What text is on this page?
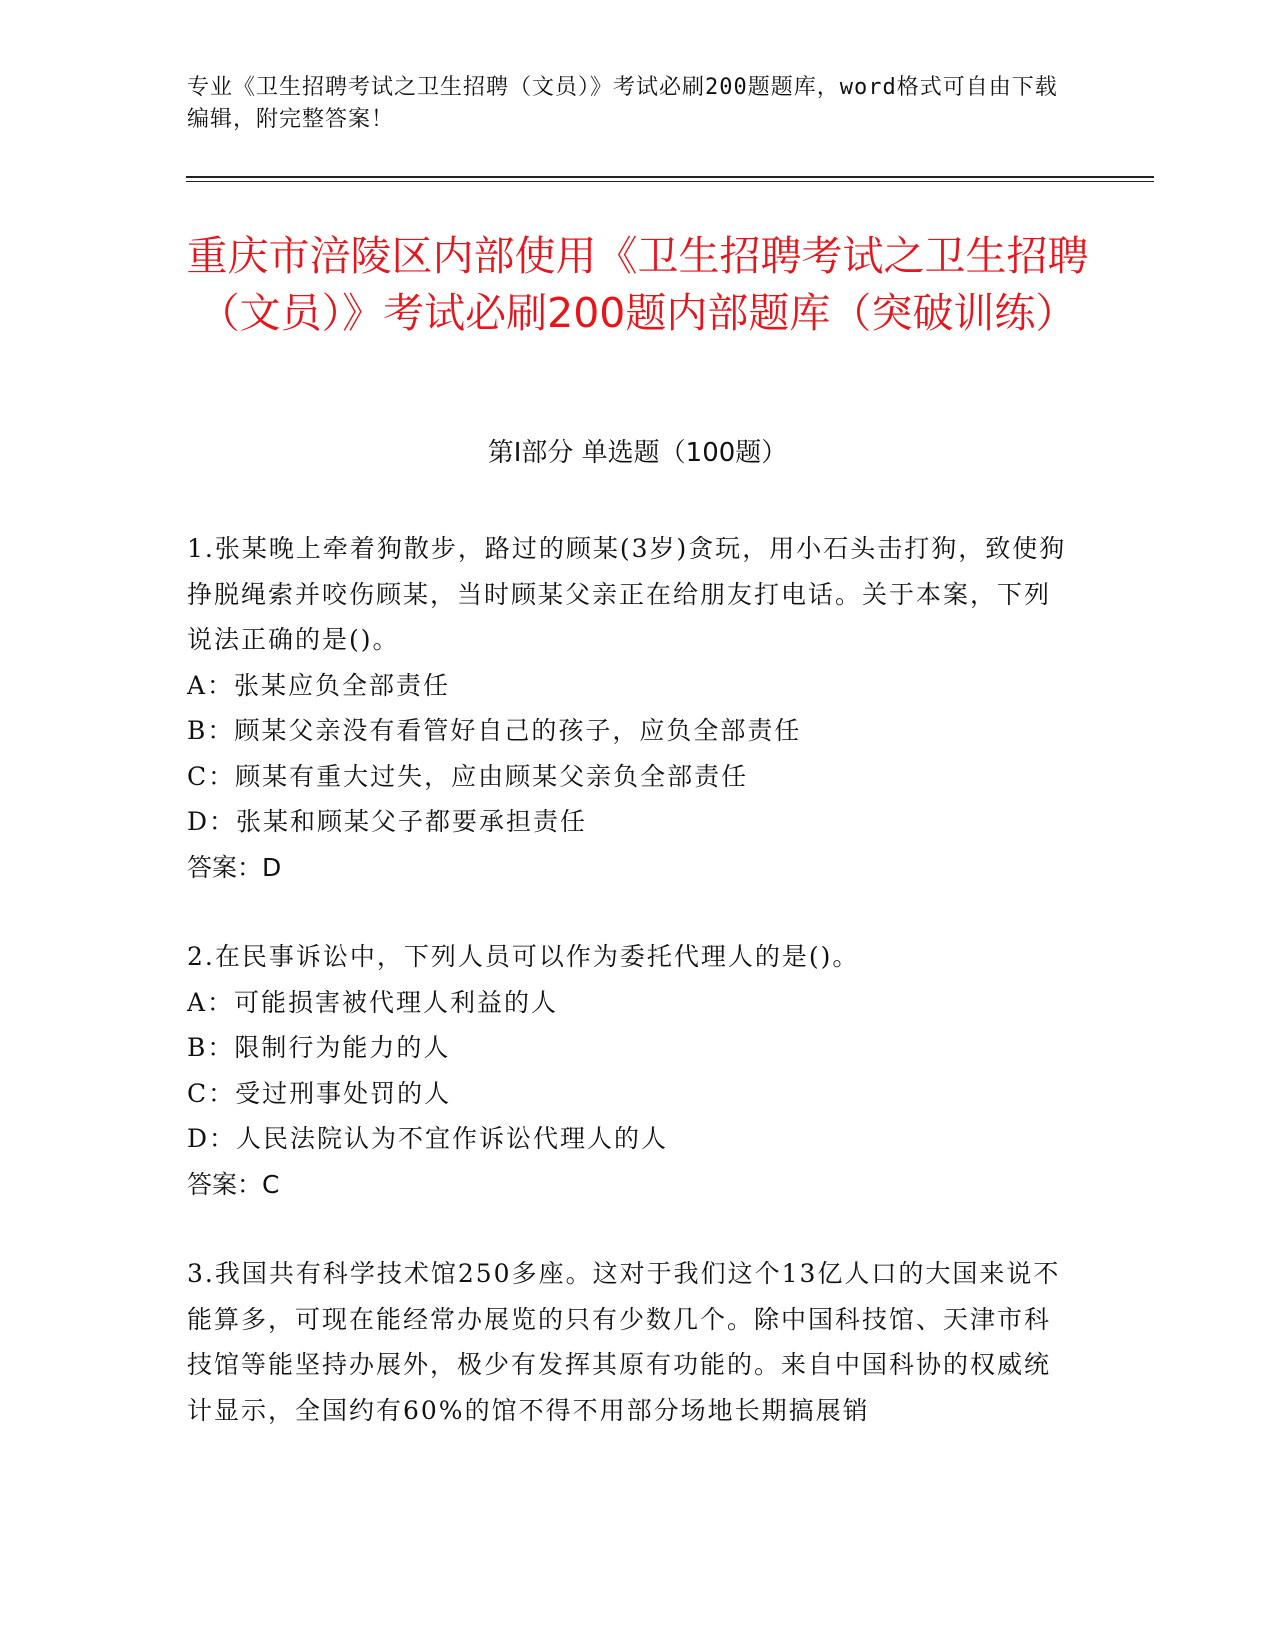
专业《卫生招聘考试之卫生招聘（文员）》考试必刷200题题库，word格式可自由下载编辑，附完整答案！
重庆市涪陵区内部使用《卫生招聘考试之卫生招聘（文员）》考试必刷200题内部题库（突破训练）
第I部分 单选题（100题）

1.张某晚上牵着狗散步，路过的顾某(3岁)贪玩，用小石头击打狗，致使狗挣脱绳索并咬伤顾某，当时顾某父亲正在给朋友打电话。关于本案，下列说法正确的是()。

A：张某应负全部责任

B：顾某父亲没有看管好自己的孩子，应负全部责任

C：顾某有重大过失，应由顾某父亲负全部责任

D：张某和顾某父子都要承担责任

答案：D

2.在民事诉讼中，下列人员可以作为委托代理人的是()。

A：可能损害被代理人利益的人

B：限制行为能力的人

C：受过刑事处罚的人

D：人民法院认为不宜作诉讼代理人的人

答案：C

3.我国共有科学技术馆250多座。这对于我们这个13亿人口的大国来说不能算多，可现在能经常办展览的只有少数几个。除中国科技馆、天津市科技馆等能坚持办展外，极少有发挥其原有功能的。来自中国科协的权威统计显示，全国约有60%的馆不得不用部分场地长期搞展销
